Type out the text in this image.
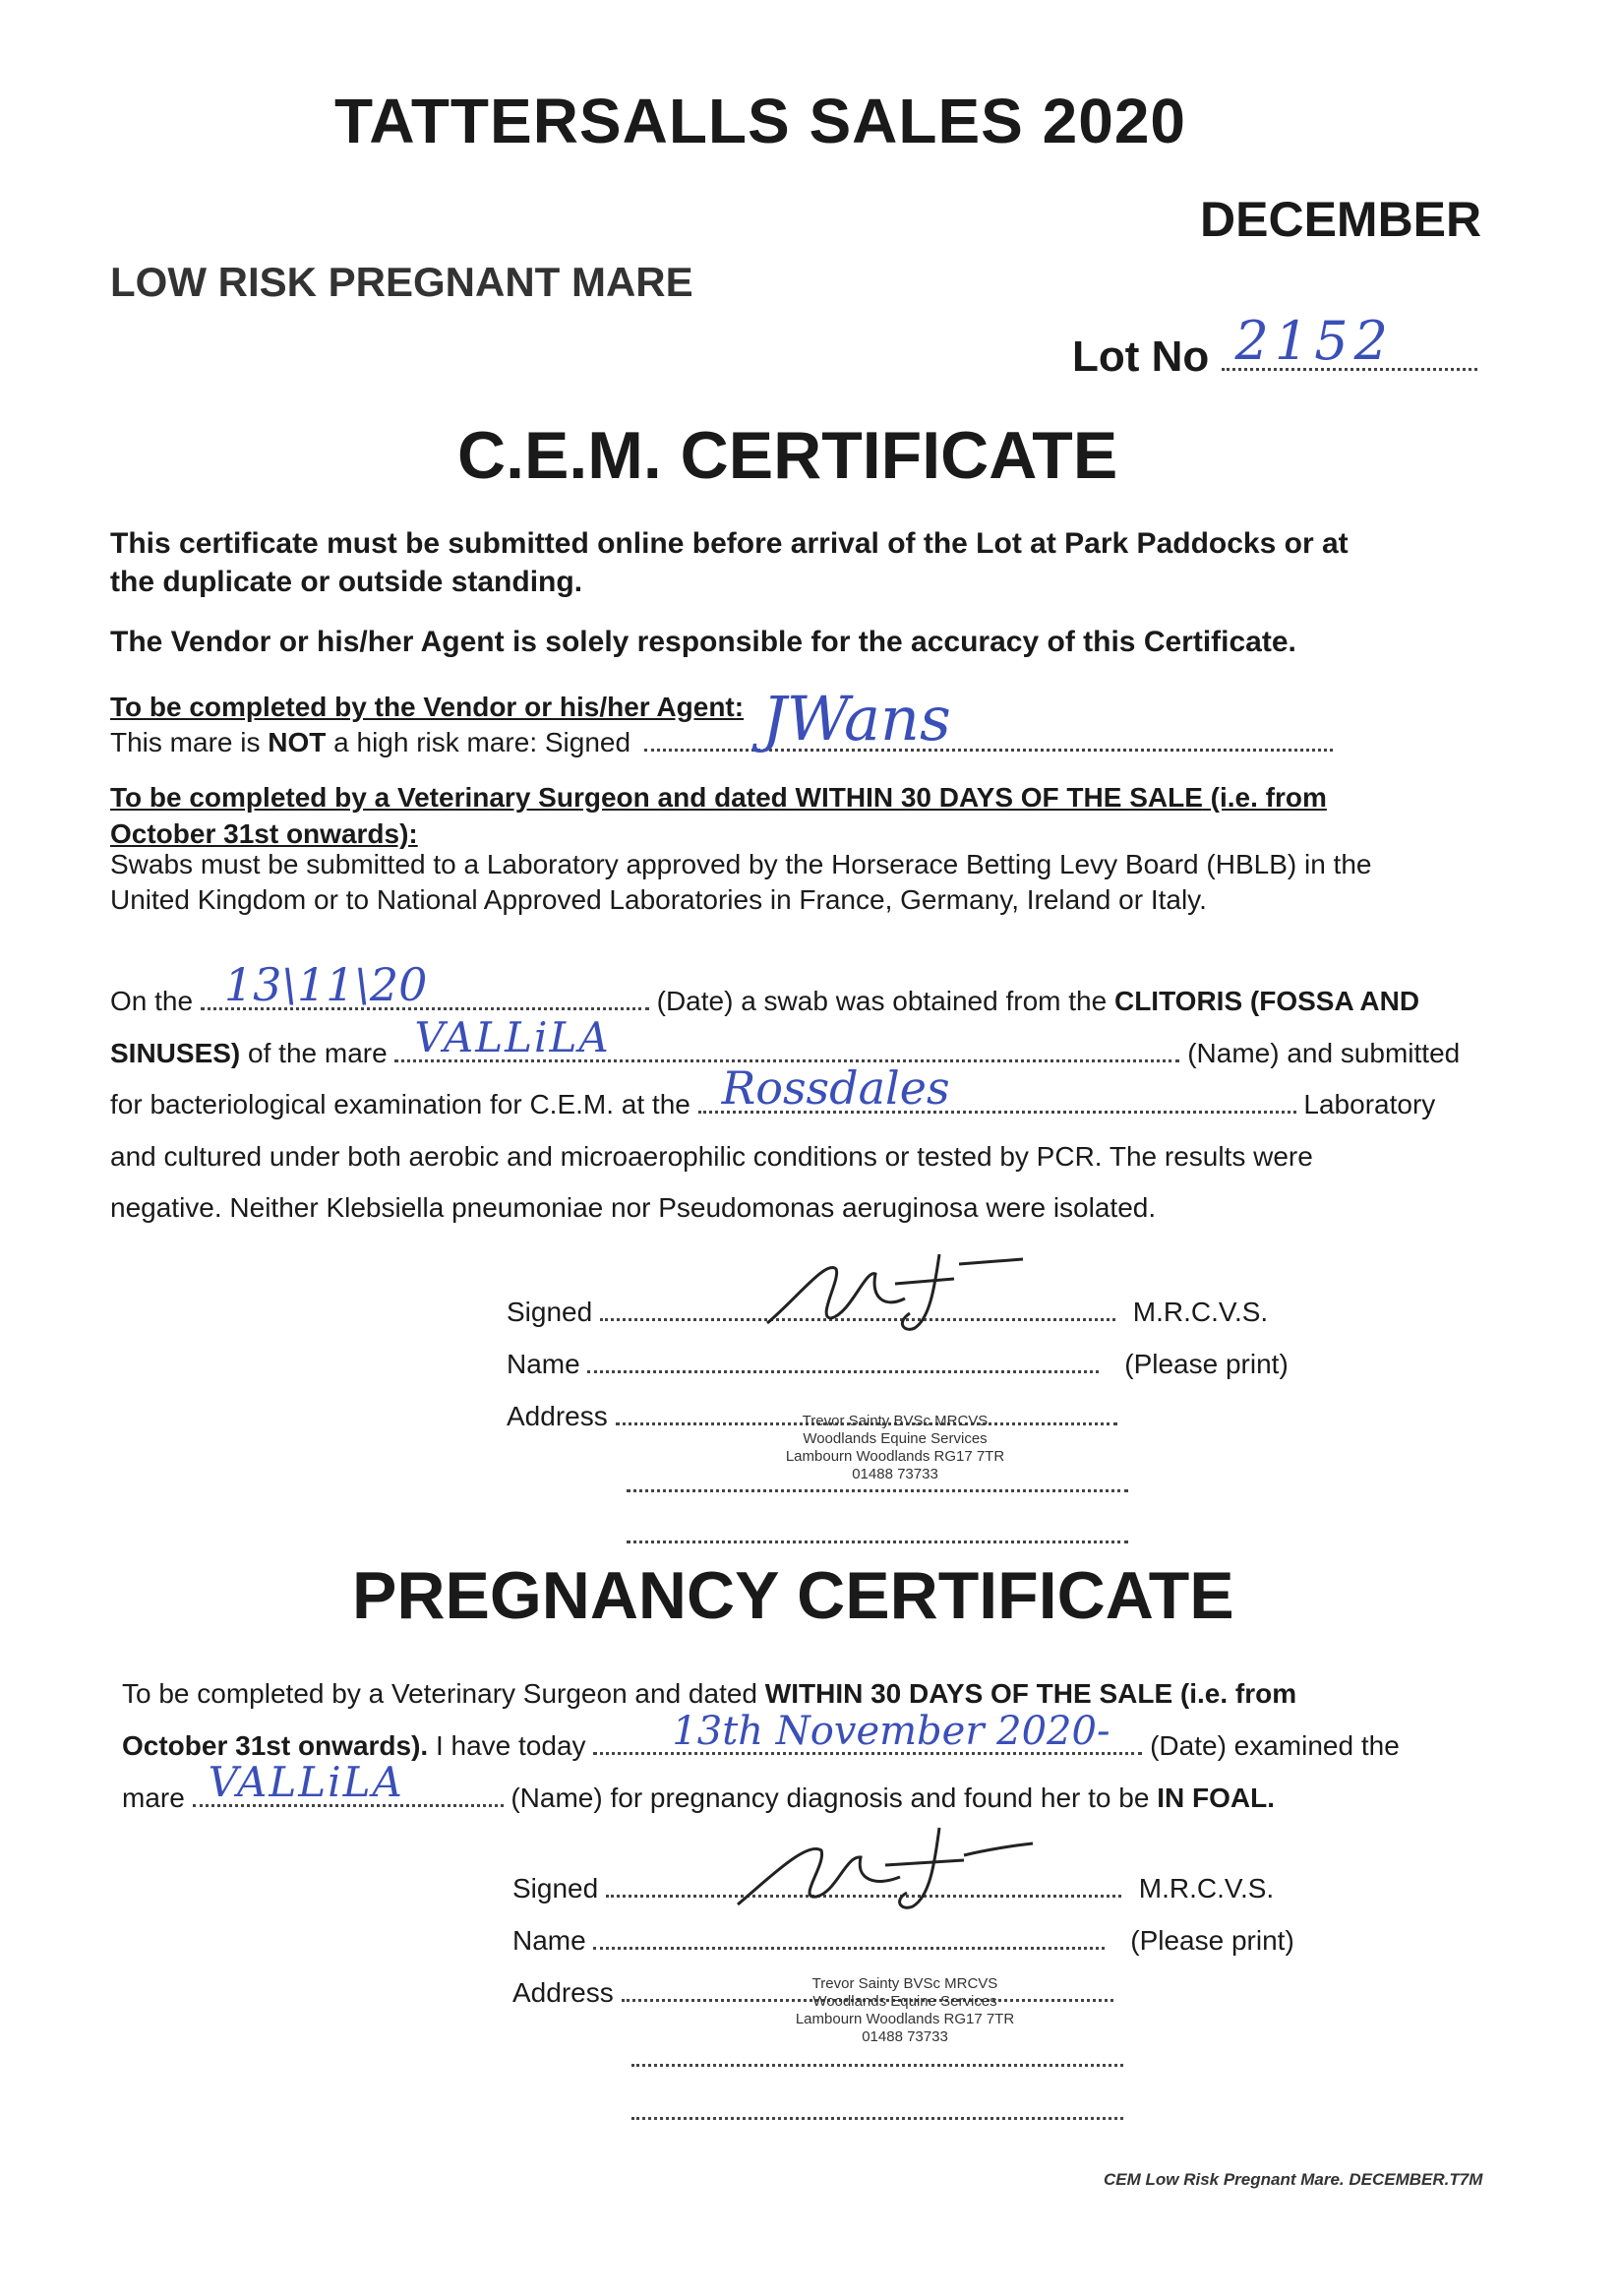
TATTERSALLS SALES 2020
DECEMBER
LOW RISK PREGNANT MARE
Lot No 2152
C.E.M. CERTIFICATE
This certificate must be submitted online before arrival of the Lot at Park Paddocks or at
the duplicate or outside standing.
The Vendor or his/her Agent is solely responsible for the accuracy of this Certificate.
To be completed by the Vendor or his/her Agent:
This mare is NOT a high risk mare: Signed JWans
To be completed by a Veterinary Surgeon and dated WITHIN 30 DAYS OF THE SALE (i.e. from
October 31st onwards):
Swabs must be submitted to a Laboratory approved by the Horserace Betting Levy Board (HBLB) in the
United Kingdom or to National Approved Laboratories in France, Germany, Ireland or Italy.
On the 13\11\20	(Date) a swab was obtained from the CLITORIS (FOSSA AND
SINUSES) of the mare VALLiLA	(Name) and submitted
for bacteriological examination for C.E.M. at the Rossdales	Laboratory
and cultured under both aerobic and microaerophilic conditions or tested by PCR. The results were
negative. Neither Klebsiella pneumoniae nor Pseudomonas aeruginosa were isolated.
Signed	M.R.C.V.S.
Name	(Please print)
Address	Trevor Sainty BVSc MRCVS
Woodlands Equine Services
Lambourn Woodlands RG17 7TR
01488 73733
PREGNANCY CERTIFICATE
To be completed by a Veterinary Surgeon and dated WITHIN 30 DAYS OF THE SALE (i.e. from
October 31st onwards). I have today 13th November 2020- (Date) examined the
mare VALLiLA	(Name) for pregnancy diagnosis and found her to be IN FOAL.
Signed	M.R.C.V.S.
Name	(Please print)
Address	Trevor Sainty BVSc MRCVS
Woodlands Equine Services
Lambourn Woodlands RG17 7TR
01488 73733
CEM Low Risk Pregnant Mare. DECEMBER.T7M
